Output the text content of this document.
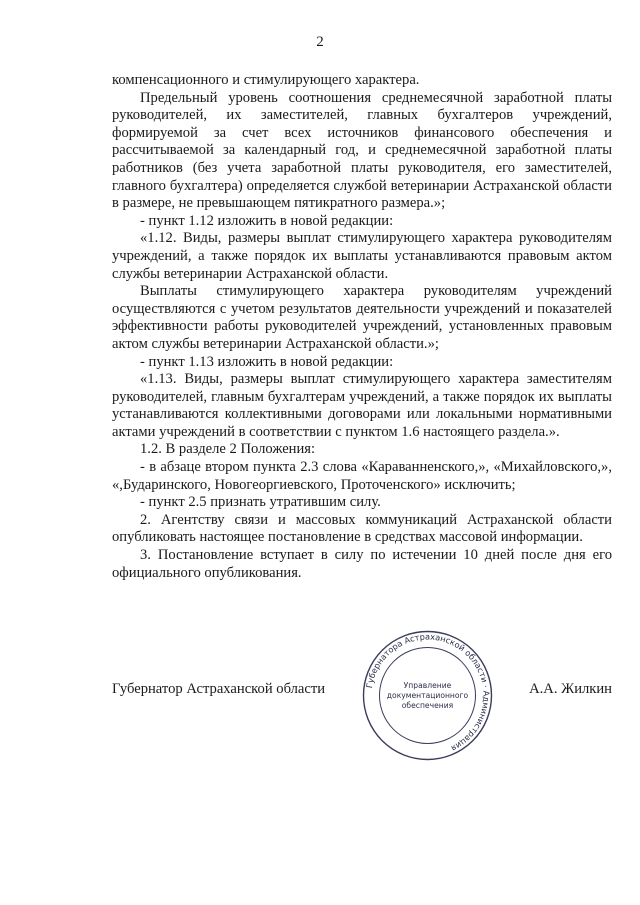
2

компенсационного и стимулирующего характера.

Предельный уровень соотношения среднемесячной заработной платы руководителей, их заместителей, главных бухгалтеров учреждений, формируемой за счет всех источников финансового обеспечения и рассчитываемой за календарный год, и среднемесячной заработной платы работников (без учета заработной платы руководителя, его заместителей, главного бухгалтера) определяется службой ветеринарии Астраханской области в размере, не превышающем пятикратного размера.»;

- пункт 1.12 изложить в новой редакции:

«1.12. Виды, размеры выплат стимулирующего характера руководителям учреждений, а также порядок их выплаты устанавливаются правовым актом службы ветеринарии Астраханской области.

Выплаты стимулирующего характера руководителям учреждений осуществляются с учетом результатов деятельности учреждений и показателей эффективности работы руководителей учреждений, установленных правовым актом службы ветеринарии Астраханской области.»;

- пункт 1.13 изложить в новой редакции:

«1.13. Виды, размеры выплат стимулирующего характера заместителям руководителей, главным бухгалтерам учреждений, а также порядок их выплаты устанавливаются коллективными договорами или локальными нормативными актами учреждений в соответствии с пунктом 1.6 настоящего раздела.».

1.2. В разделе 2 Положения:

- в абзаце втором пункта 2.3 слова «Караванненского,», «Михайловского,», «,Бударинского, Новогеоргиевского, Проточенского» исключить;

- пункт 2.5 признать утратившим силу.

2. Агентству связи и массовых коммуникаций Астраханской области опубликовать настоящее постановление в средствах массовой информации.

3. Постановление вступает в силу по истечении 10 дней после дня его официального опубликования.

Губернатор Астраханской области	А.А. Жилкин
Губернатора Астраханской области · Администрация
Управление
документационного
обеспечения
